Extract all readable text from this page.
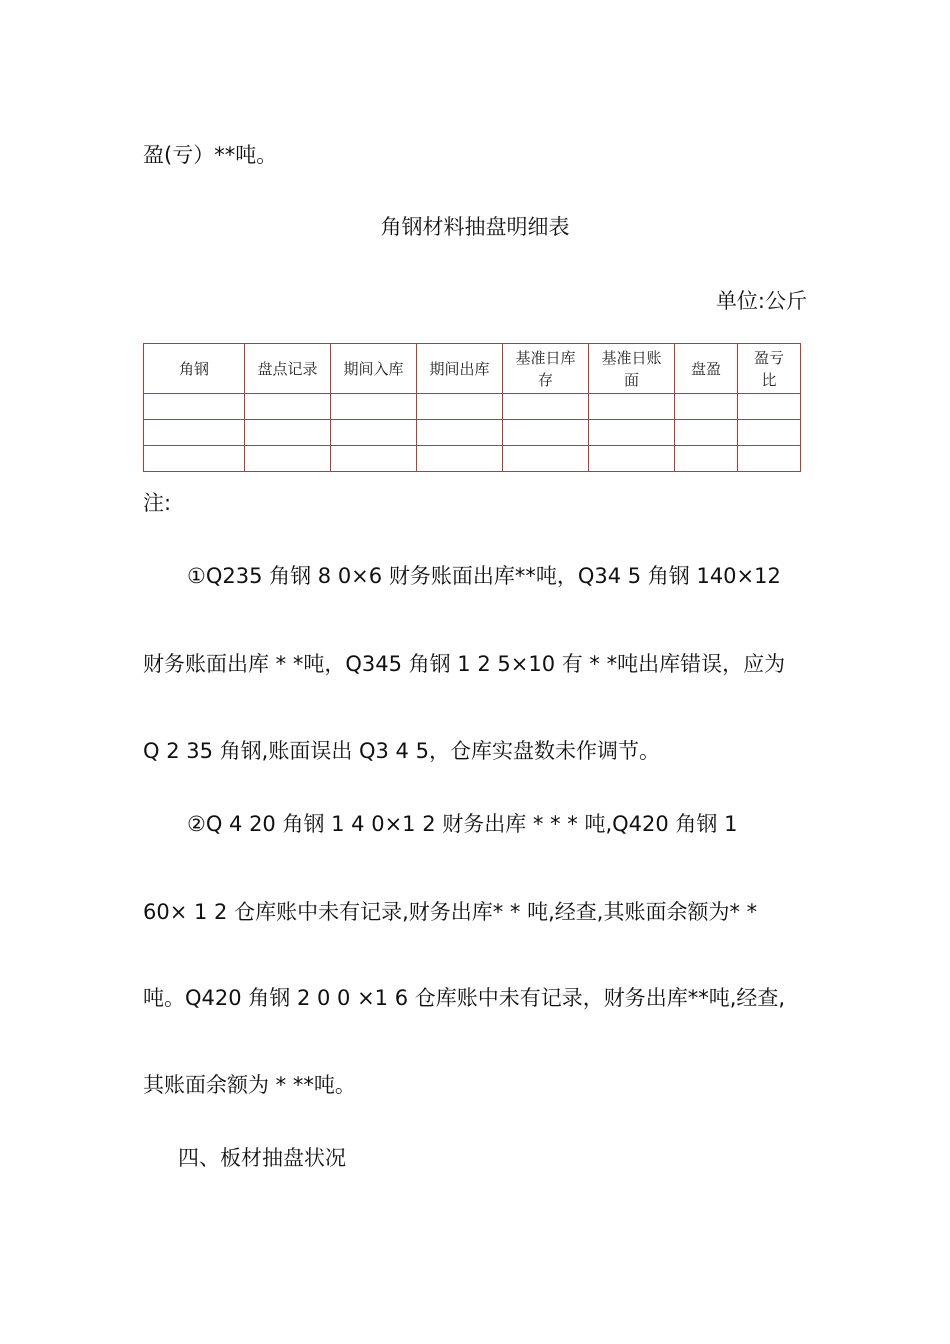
盈(亏）**吨。
角钢材料抽盘明细表
单位:公斤
角钢	盘点记录	期间入库	期间出库	基准日库存	基准日账面	盘盈	盈亏比

注:
①Q235 角钢 8 0×6 财务账面出库**吨，Q34 5 角钢 140×12
财务账面出库 * *吨，Q345 角钢 1 2 5×10 有 * *吨出库错误，应为
Q 2 35 角钢,账面误出 Q3 4 5，仓库实盘数未作调节。
②Q 4 20 角钢 1 4 0×1 2 财务出库 * * * 吨,Q420 角钢 1
60× 1 2 仓库账中未有记录,财务出库* * 吨,经查,其账面余额为* *
吨。Q420 角钢 2 0 0 ×1 6 仓库账中未有记录，财务出库**吨,经查,
其账面余额为 * **吨。
四、板材抽盘状况
